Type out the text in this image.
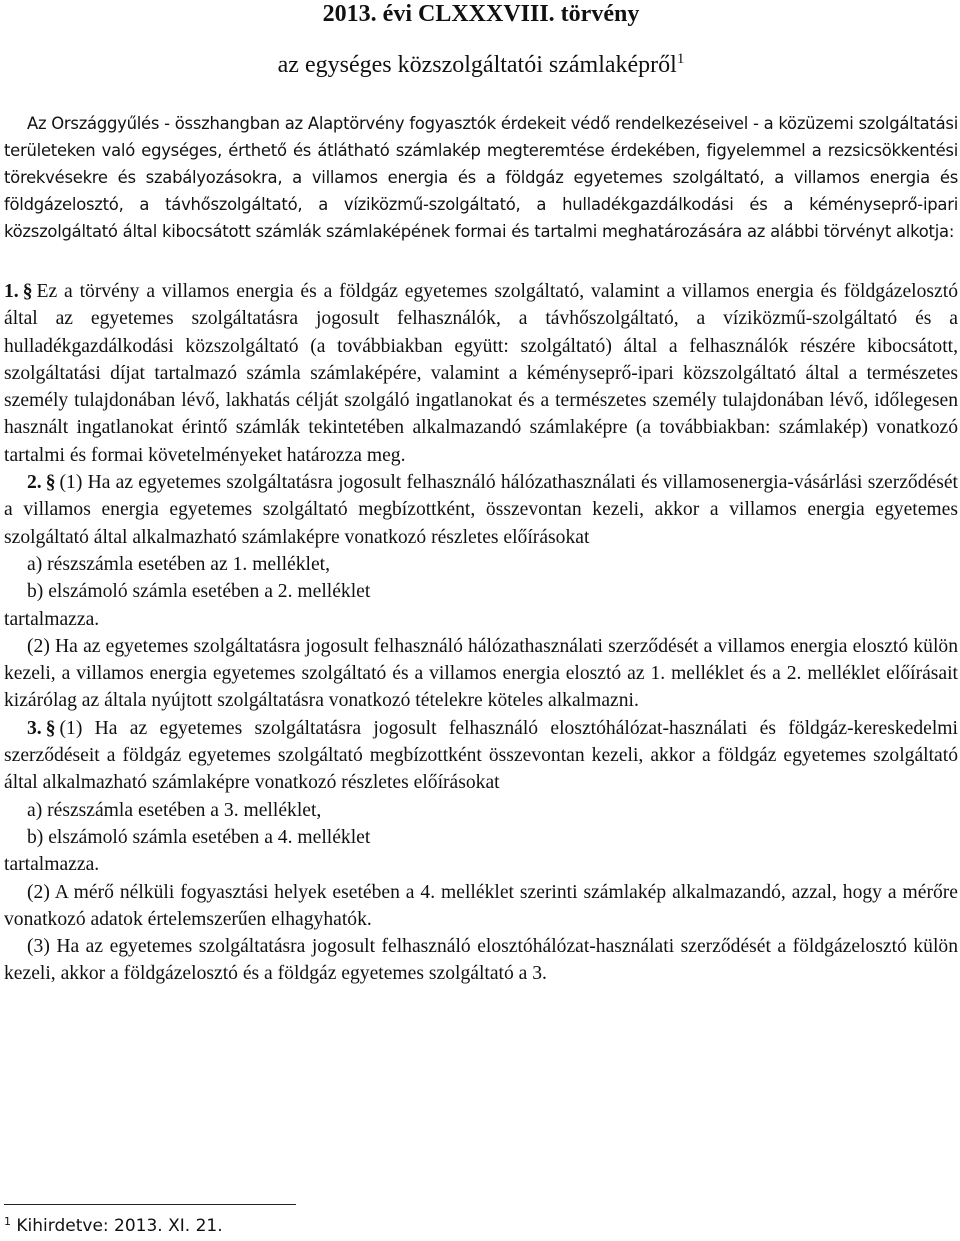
2013. évi CLXXXVIII. törvény
az egységes közszolgáltatói számlaképről$^1$

Az Országgyűlés - összhangban az Alaptörvény fogyasztók érdekeit védő rendelkezéseivel - a közüzemi szolgáltatási területeken való egységes, érthető és átlátható számlakép megteremtése érdekében, figyelemmel a rezsicsökkentési törekvésekre és szabályozásokra, a villamos energia és a földgáz egyetemes szolgáltató, a villamos energia és földgázelosztó, a távhőszolgáltató, a víziközmű-szolgáltató, a hulladékgazdálkodási és a kéményseprő-ipari közszolgáltató által kibocsátott számlák számlaképének formai és tartalmi meghatározására az alábbi törvényt alkotja:

1. § Ez a törvény a villamos energia és a földgáz egyetemes szolgáltató, valamint a villamos energia és földgázelosztó által az egyetemes szolgáltatásra jogosult felhasználók, a távhőszolgáltató, a víziközmű-szolgáltató és a hulladékgazdálkodási közszolgáltató (a továbbiakban együtt: szolgáltató) által a felhasználók részére kibocsátott, szolgáltatási díjat tartalmazó számla számlaképére, valamint a kéményseprő-ipari közszolgáltató által a természetes személy tulajdonában lévő, lakhatás célját szolgáló ingatlanokat és a természetes személy tulajdonában lévő, időlegesen használt ingatlanokat érintő számlák tekintetében alkalmazandó számlaképre (a továbbiakban: számlakép) vonatkozó tartalmi és formai követelményeket határozza meg.

2. § (1) Ha az egyetemes szolgáltatásra jogosult felhasználó hálózathasználati és villamosenergia-vásárlási szerződését a villamos energia egyetemes szolgáltató megbízottként, összevontan kezeli, akkor a villamos energia egyetemes szolgáltató által alkalmazható számlaképre vonatkozó részletes előírásokat

a) részszámla esetében az 1. melléklet,

b) elszámoló számla esetében a 2. melléklet

tartalmazza.

(2) Ha az egyetemes szolgáltatásra jogosult felhasználó hálózathasználati szerződését a villamos energia elosztó külön kezeli, a villamos energia egyetemes szolgáltató és a villamos energia elosztó az 1. melléklet és a 2. melléklet előírásait kizárólag az általa nyújtott szolgáltatásra vonatkozó tételekre köteles alkalmazni.

3. § (1) Ha az egyetemes szolgáltatásra jogosult felhasználó elosztóhálózat-használati és földgáz-kereskedelmi szerződéseit a földgáz egyetemes szolgáltató megbízottként összevontan kezeli, akkor a földgáz egyetemes szolgáltató által alkalmazható számlaképre vonatkozó részletes előírásokat

a) részszámla esetében a 3. melléklet,

b) elszámoló számla esetében a 4. melléklet

tartalmazza.

(2) A mérő nélküli fogyasztási helyek esetében a 4. melléklet szerinti számlakép alkalmazandó, azzal, hogy a mérőre vonatkozó adatok értelemszerűen elhagyhatók.

(3) Ha az egyetemes szolgáltatásra jogosult felhasználó elosztóhálózat-használati szerződését a földgázelosztó külön kezeli, akkor a földgázelosztó és a földgáz egyetemes szolgáltató a 3.

$^1$ Kihirdetve: 2013. XI. 21.
